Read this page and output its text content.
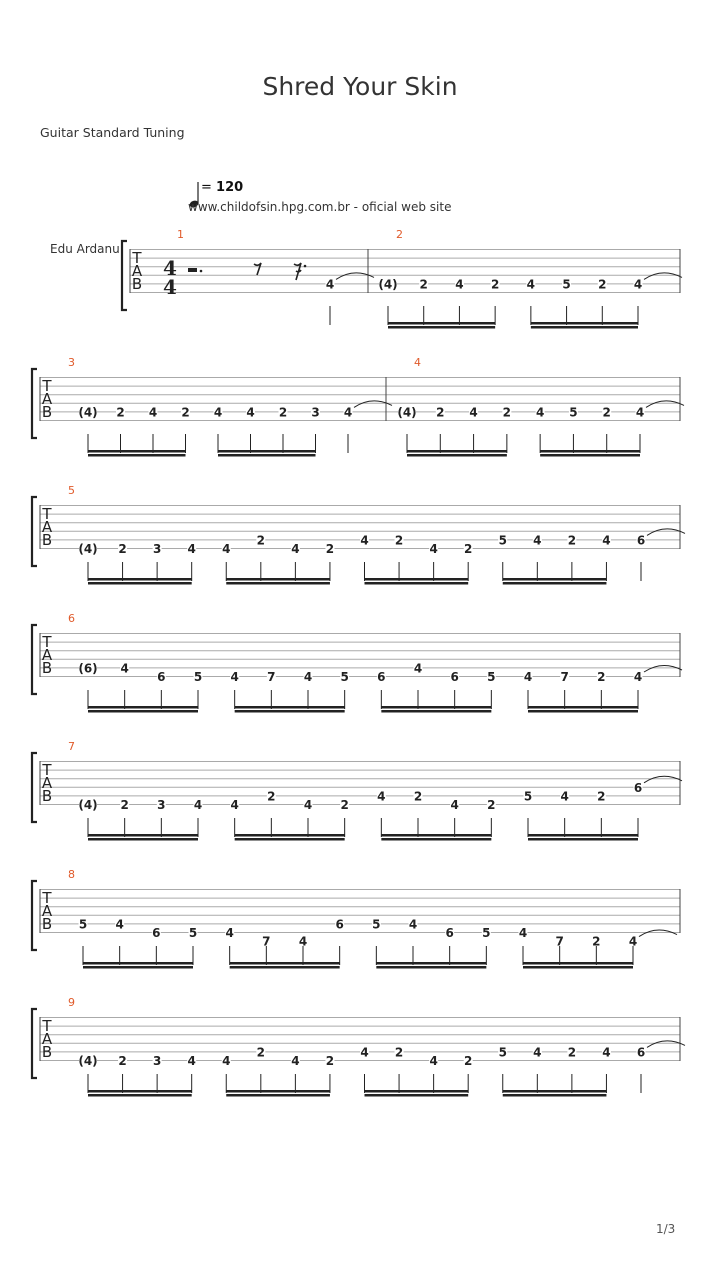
Shred Your Skin
Guitar Standard Tuning
= 120
www.childofsin.hpg.com.br - oficial web site
Edu Ardanu T
A
B
4
4
1
4
2
(4) 2 4 2 4 5 2 4
T
A
B
3
(4) 2 4 2 4 4 2 3 4
4
(4) 2 4 2 4 5 2 4
T
A
B
5
(4) 2 3 4 4
2
4 2
4 2
4 2
5 4 2 4 6
T
A
B
6
(6) 4
6 5 4 7 4 5 6
4
6 5 4 7 2 4
T
A
B
7
(4) 2 3 4 4
2
4 2
4 2
4 2
5 4 2
6
T
A
B
8
5 4
6 5 4
7 4
6 5 4
6 5 4
7 2 4
T
A
B
9
(4) 2 3 4 4
2
4 2
4 2
4 2
5 4 2 4 6
1/3
